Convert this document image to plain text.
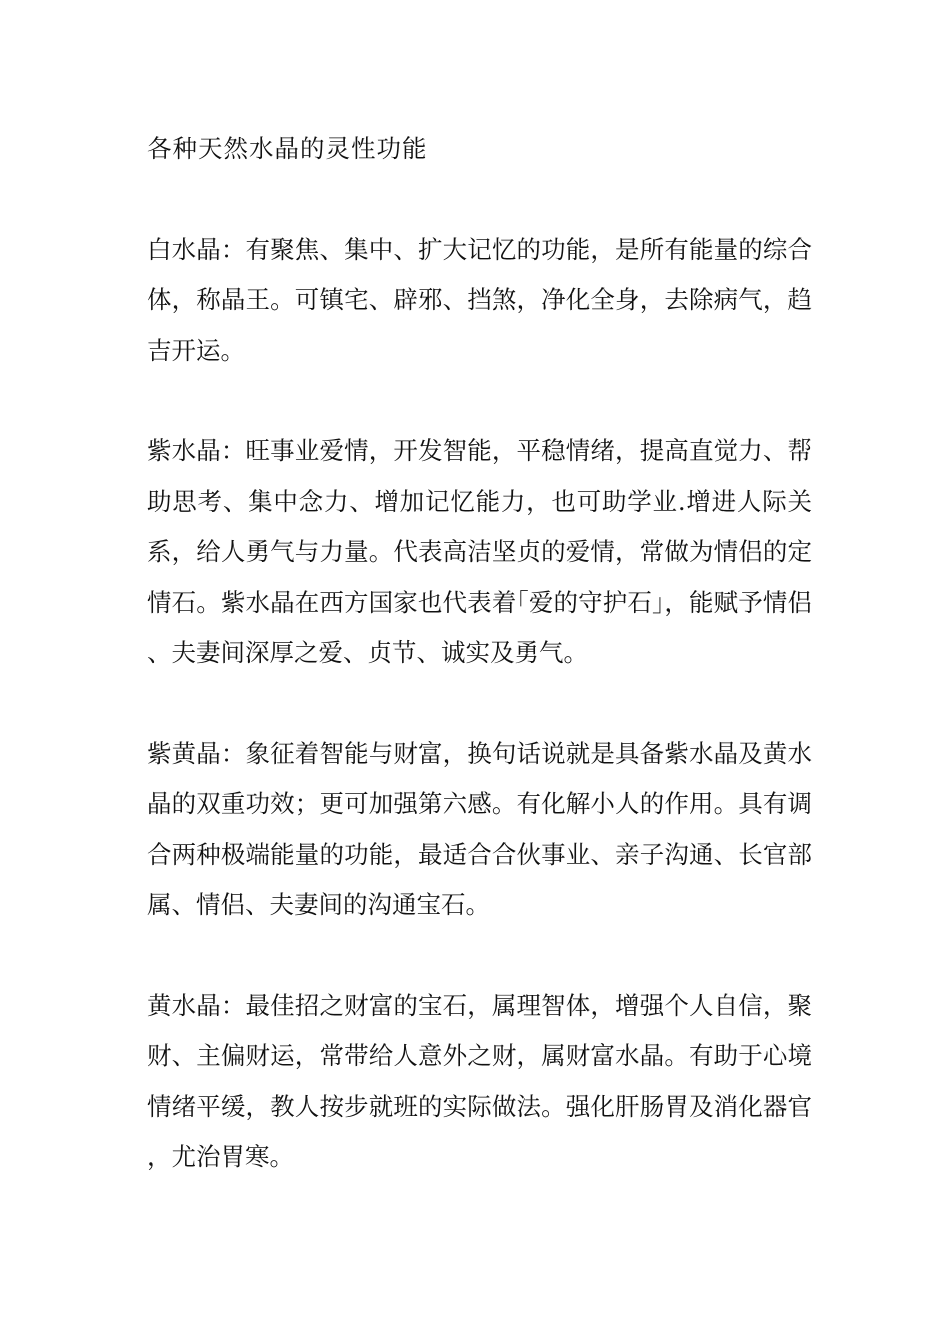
各种天然水晶的灵性功能

白水晶：有聚焦、集中、扩大记忆的功能，是所有能量的综合体，称晶王。可镇宅、辟邪、挡煞，净化全身，去除病气，趋吉开运。

紫水晶：旺事业爱情，开发智能，平稳情绪，提高直觉力、帮助思考、集中念力、增加记忆能力，也可助学业.增进人际关系，给人勇气与力量。代表高洁坚贞的爱情，常做为情侣的定情石。紫水晶在西方国家也代表着｢爱的守护石｣，能赋予情侣、夫妻间深厚之爱、贞节、诚实及勇气。

紫黄晶：象征着智能与财富，换句话说就是具备紫水晶及黄水晶的双重功效；更可加强第六感。有化解小人的作用。具有调合两种极端能量的功能，最适合合伙事业、亲子沟通、长官部属、情侣、夫妻间的沟通宝石。

黄水晶：最佳招之财富的宝石，属理智体，增强个人自信，聚财、主偏财运，常带给人意外之财，属财富水晶。有助于心境情绪平缓，教人按步就班的实际做法。强化肝肠胃及消化器官，尤治胃寒。
